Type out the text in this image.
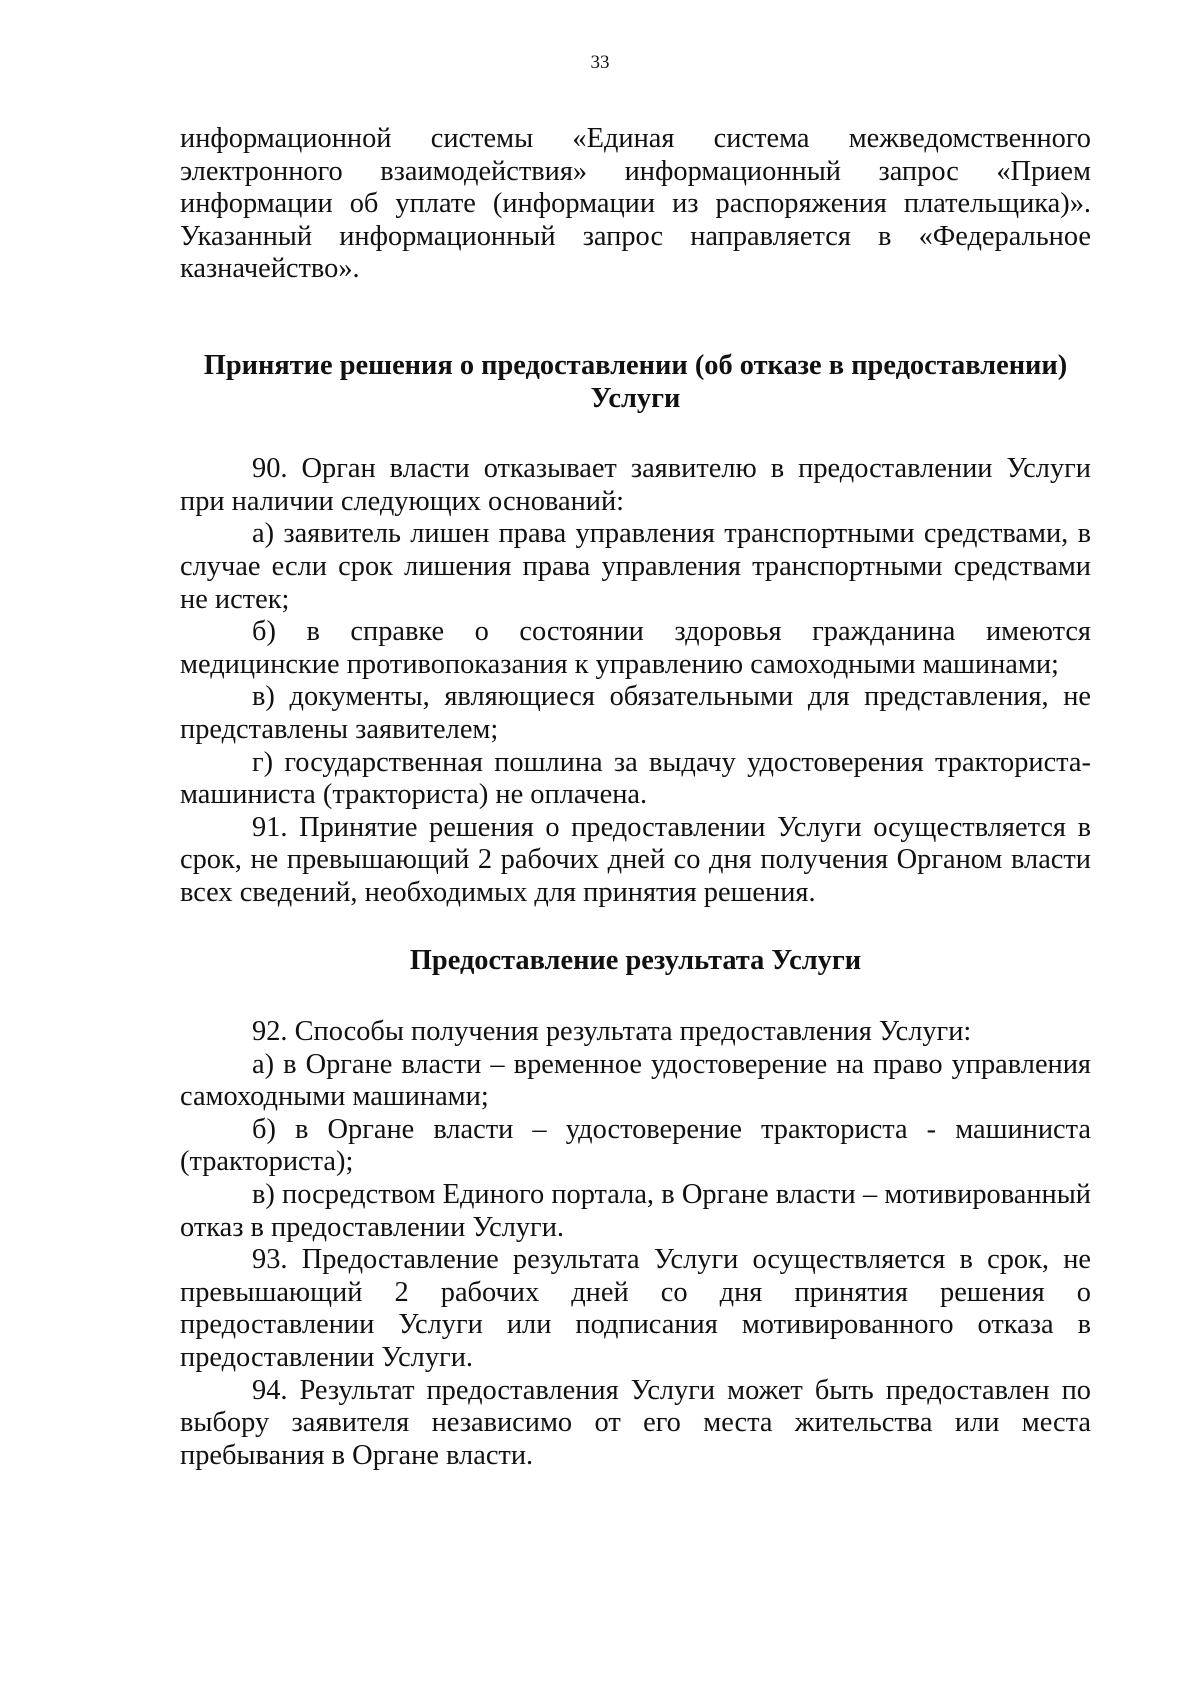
33

информационной системы «Единая система межведомственного электронного взаимодействия» информационный запрос «Прием информации об уплате (информации из распоряжения плательщика)». Указанный информационный запрос направляется в «Федеральное казначейство».

Принятие решения о предоставлении (об отказе в предоставлении)
Услуги

90. Орган власти отказывает заявителю в предоставлении Услуги при наличии следующих оснований:

а) заявитель лишен права управления транспортными средствами, в случае если срок лишения права управления транспортными средствами не истек;

б) в справке о состоянии здоровья гражданина имеются медицинские противопоказания к управлению самоходными машинами;

в) документы, являющиеся обязательными для представления, не представлены заявителем;

г) государственная пошлина за выдачу удостоверения тракториста-машиниста (тракториста) не оплачена.

91. Принятие решения о предоставлении Услуги осуществляется в срок, не превышающий 2 рабочих дней со дня получения Органом власти всех сведений, необходимых для принятия решения.

Предоставление результата Услуги

92. Способы получения результата предоставления Услуги:

а) в Органе власти – временное удостоверение на право управления самоходными машинами;

б) в Органе власти – удостоверение тракториста - машиниста (тракториста);

в) посредством Единого портала, в Органе власти – мотивированный отказ в предоставлении Услуги.

93. Предоставление результата Услуги осуществляется в срок, не превышающий 2 рабочих дней со дня принятия решения о предоставлении Услуги или подписания мотивированного отказа в предоставлении Услуги.

94. Результат предоставления Услуги может быть предоставлен по выбору заявителя независимо от его места жительства или места пребывания в Органе власти.
